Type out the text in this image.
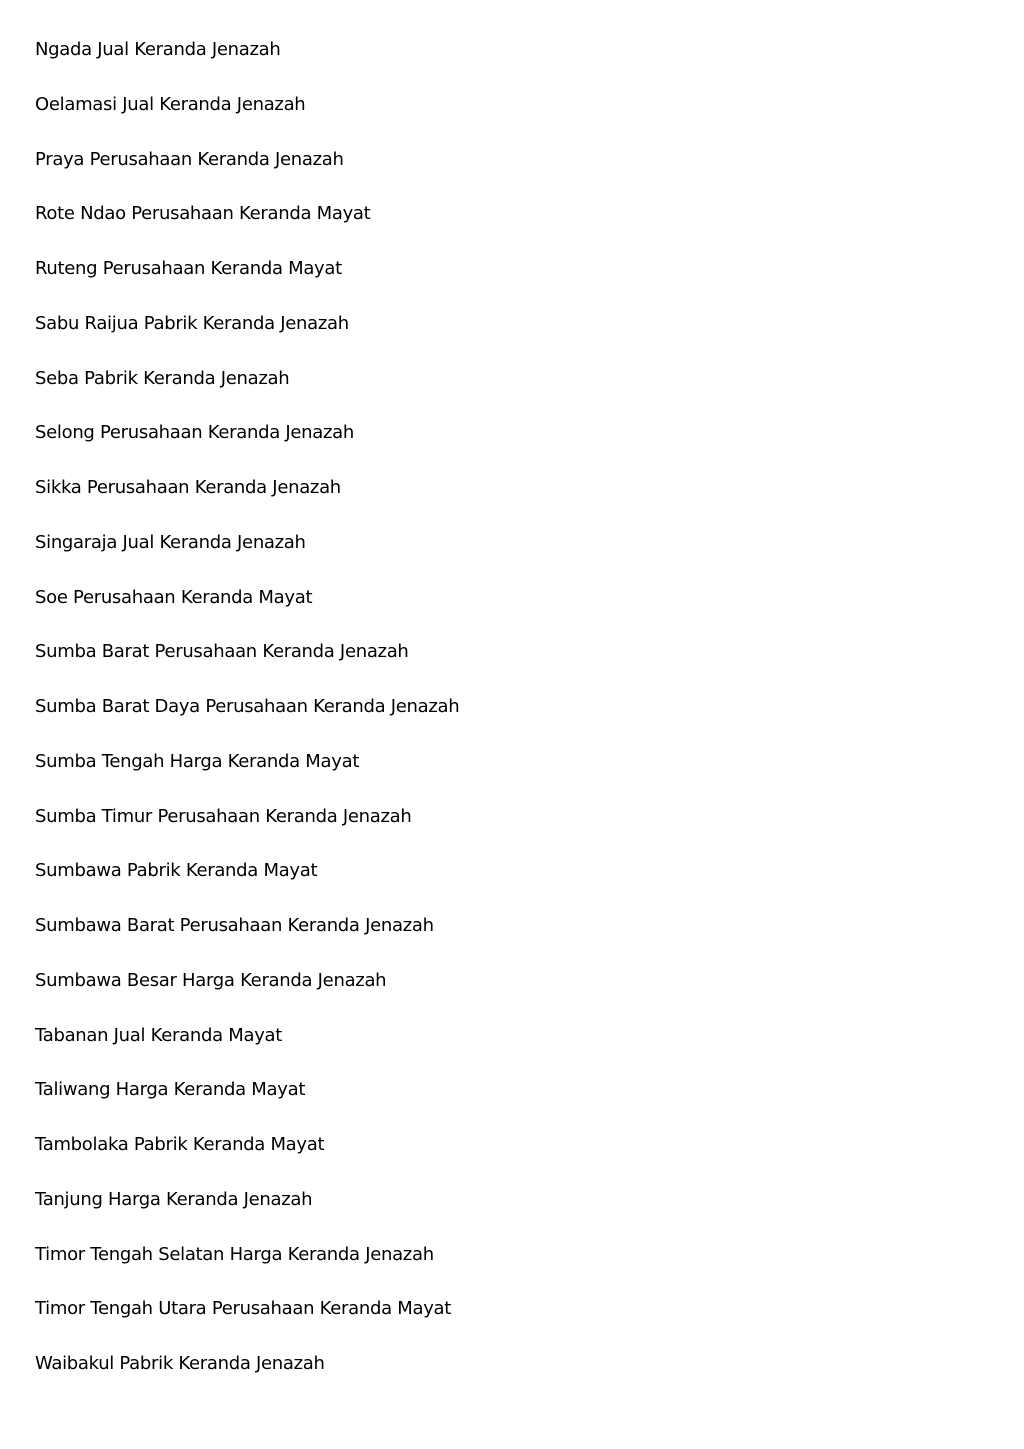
Ngada Jual Keranda Jenazah
Oelamasi Jual Keranda Jenazah
Praya Perusahaan Keranda Jenazah
Rote Ndao Perusahaan Keranda Mayat
Ruteng Perusahaan Keranda Mayat
Sabu Raijua Pabrik Keranda Jenazah
Seba Pabrik Keranda Jenazah
Selong Perusahaan Keranda Jenazah
Sikka Perusahaan Keranda Jenazah
Singaraja Jual Keranda Jenazah
Soe Perusahaan Keranda Mayat
Sumba Barat Perusahaan Keranda Jenazah
Sumba Barat Daya Perusahaan Keranda Jenazah
Sumba Tengah Harga Keranda Mayat
Sumba Timur Perusahaan Keranda Jenazah
Sumbawa Pabrik Keranda Mayat
Sumbawa Barat Perusahaan Keranda Jenazah
Sumbawa Besar Harga Keranda Jenazah
Tabanan Jual Keranda Mayat
Taliwang Harga Keranda Mayat
Tambolaka Pabrik Keranda Mayat
Tanjung Harga Keranda Jenazah
Timor Tengah Selatan Harga Keranda Jenazah
Timor Tengah Utara Perusahaan Keranda Mayat
Waibakul Pabrik Keranda Jenazah
